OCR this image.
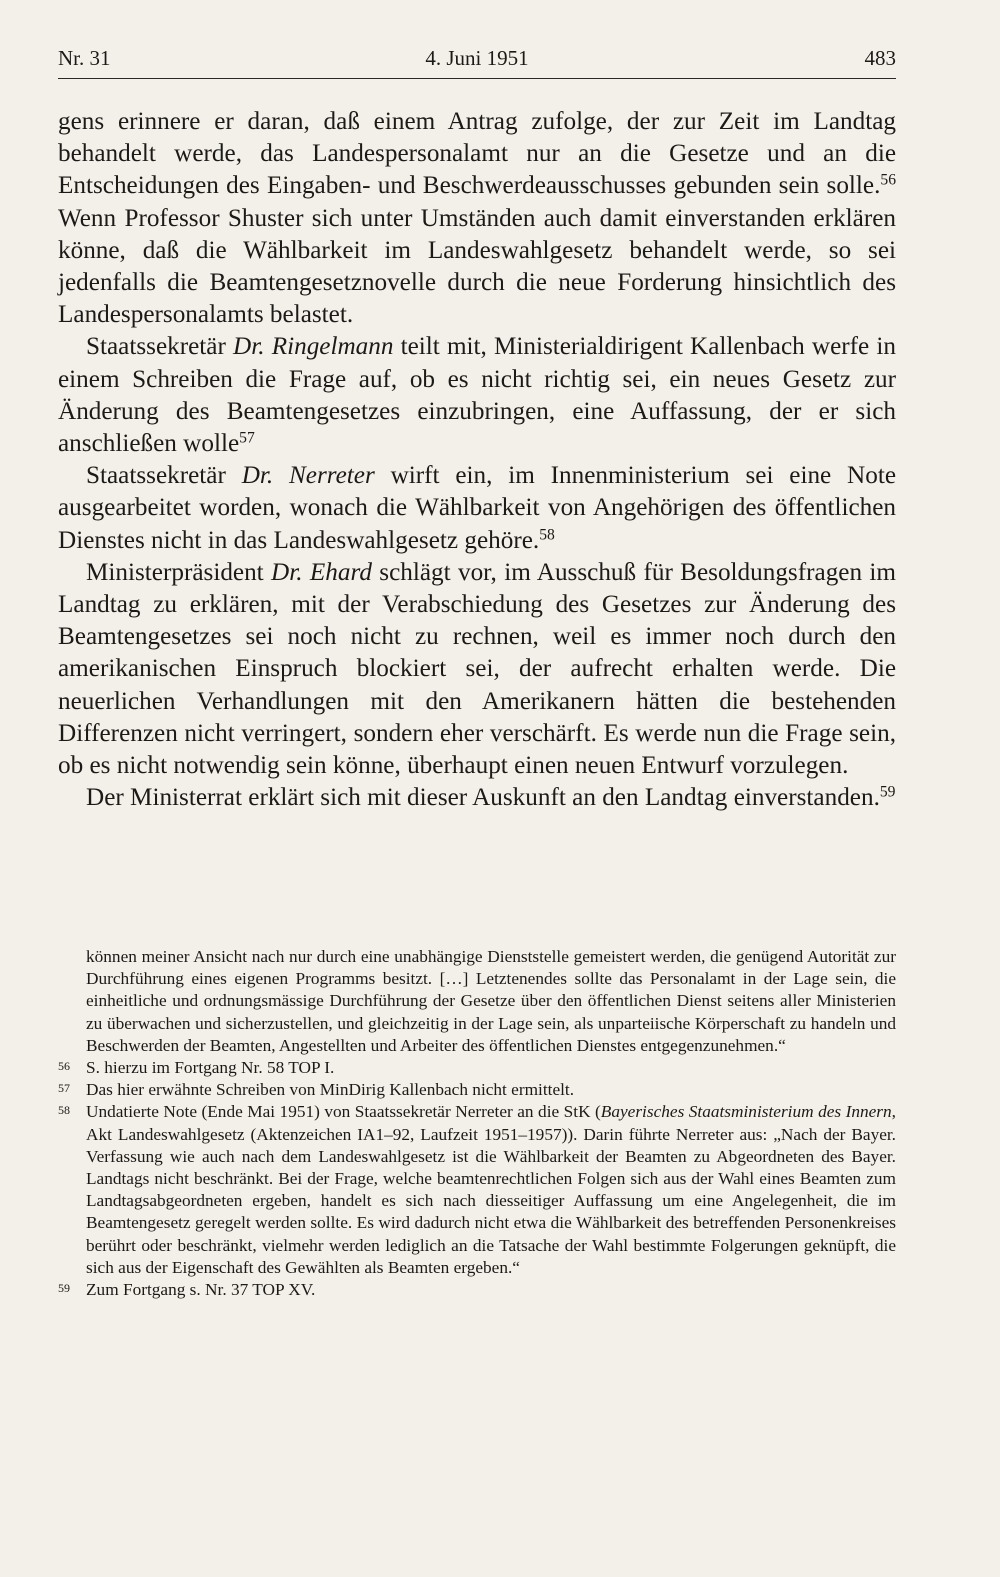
Nr. 31	4. Juni 1951	483

gens erinnere er daran, daß einem Antrag zufolge, der zur Zeit im Landtag behandelt werde, das Landespersonalamt nur an die Gesetze und an die Entscheidungen des Eingaben- und Beschwerdeausschusses gebunden sein solle.$^{56}$ Wenn Professor Shuster sich unter Umständen auch damit einverstanden erklären könne, daß die Wählbarkeit im Landeswahlgesetz behandelt werde, so sei jedenfalls die Beamtengesetznovelle durch die neue Forderung hinsichtlich des Landespersonalamts belastet.

Staatssekretär Dr. Ringelmann teilt mit, Ministerialdirigent Kallenbach werfe in einem Schreiben die Frage auf, ob es nicht richtig sei, ein neues Gesetz zur Änderung des Beamtengesetzes einzubringen, eine Auffassung, der er sich anschließen wolle$^{57}$

Staatssekretär Dr. Nerreter wirft ein, im Innenministerium sei eine Note ausgearbeitet worden, wonach die Wählbarkeit von Angehörigen des öffentlichen Dienstes nicht in das Landeswahlgesetz gehöre.$^{58}$

Ministerpräsident Dr. Ehard schlägt vor, im Ausschuß für Besoldungsfragen im Landtag zu erklären, mit der Verabschiedung des Gesetzes zur Änderung des Beamtengesetzes sei noch nicht zu rechnen, weil es immer noch durch den amerikanischen Einspruch blockiert sei, der aufrecht erhalten werde. Die neuerlichen Verhandlungen mit den Amerikanern hätten die bestehenden Differenzen nicht verringert, sondern eher verschärft. Es werde nun die Frage sein, ob es nicht notwendig sein könne, überhaupt einen neuen Entwurf vorzulegen.

Der Ministerrat erklärt sich mit dieser Auskunft an den Landtag einverstanden.$^{59}$

können meiner Ansicht nach nur durch eine unabhängige Dienststelle gemeistert werden, die genügend Autorität zur Durchführung eines eigenen Programms besitzt. […] Letztenendes sollte das Personalamt in der Lage sein, die einheitliche und ordnungsmässige Durchführung der Gesetze über den öffentlichen Dienst seitens aller Ministerien zu überwachen und sicherzustellen, und gleichzeitig in der Lage sein, als unparteiische Körperschaft zu handeln und Beschwerden der Beamten, Angestellten und Arbeiter des öffentlichen Dienstes entgegenzunehmen.“

56 S. hierzu im Fortgang Nr. 58 TOP I.

57 Das hier erwähnte Schreiben von MinDirig Kallenbach nicht ermittelt.

58 Undatierte Note (Ende Mai 1951) von Staatssekretär Nerreter an die StK (Bayerisches Staatsministerium des Innern, Akt Landeswahlgesetz (Aktenzeichen IA1–92, Laufzeit 1951–1957)). Darin führte Nerreter aus: „Nach der Bayer. Verfassung wie auch nach dem Landeswahlgesetz ist die Wählbarkeit der Beamten zu Abgeordneten des Bayer. Landtags nicht beschränkt. Bei der Frage, welche beamtenrechtlichen Folgen sich aus der Wahl eines Beamten zum Landtagsabgeordneten ergeben, handelt es sich nach diesseitiger Auffassung um eine Angelegenheit, die im Beamtengesetz geregelt werden sollte. Es wird dadurch nicht etwa die Wählbarkeit des betreffenden Personenkreises berührt oder beschränkt, vielmehr werden lediglich an die Tatsache der Wahl bestimmte Folgerungen geknüpft, die sich aus der Eigenschaft des Gewählten als Beamten ergeben.“

59 Zum Fortgang s. Nr. 37 TOP XV.
